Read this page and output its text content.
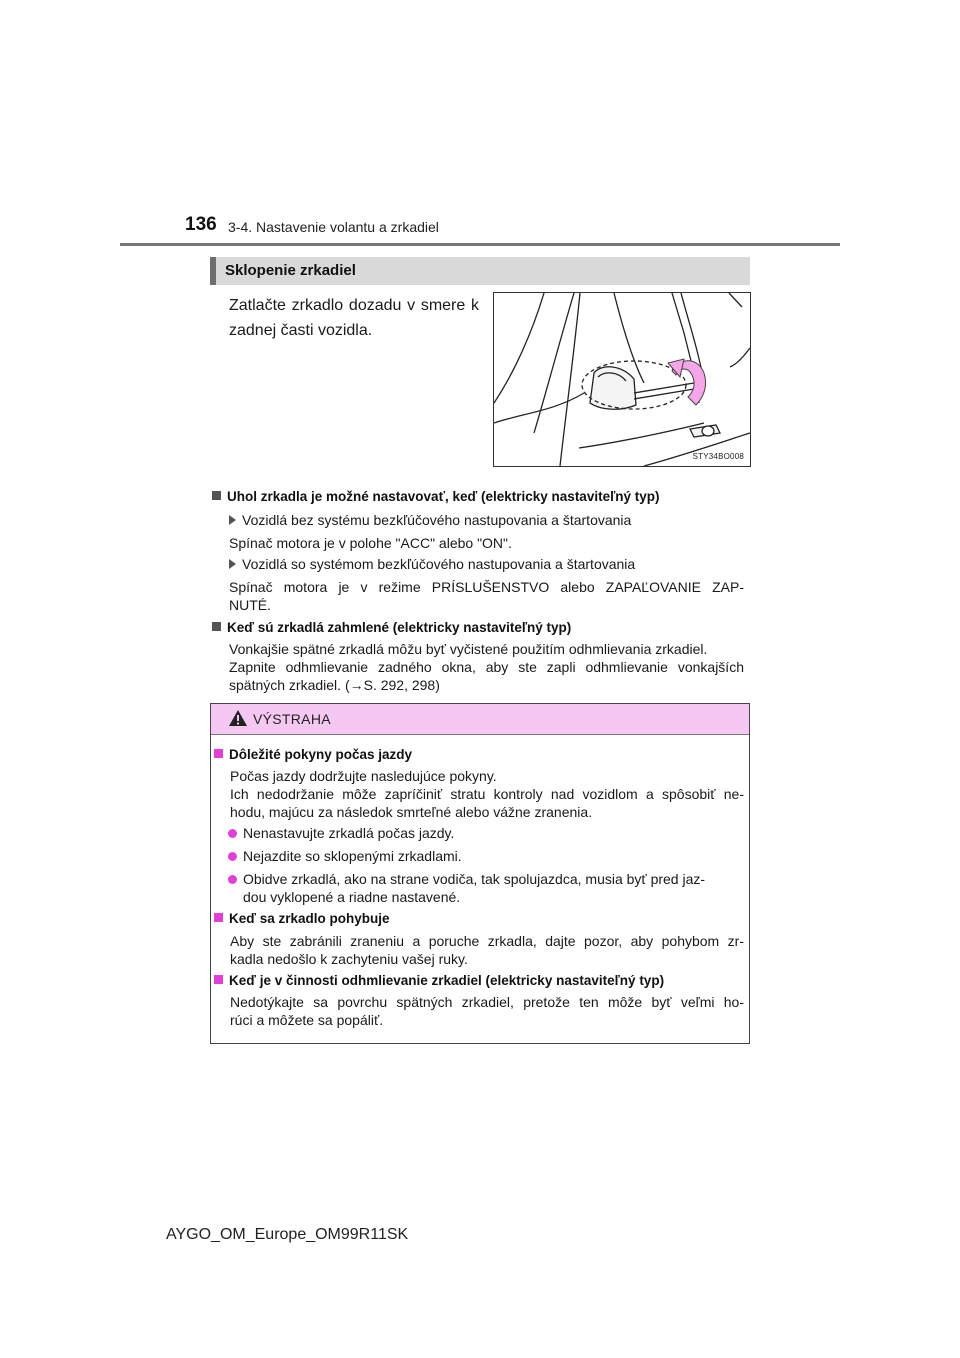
136 3-4. Nastavenie volantu a zrkadiel
Sklopenie zrkadiel
Zatlačte zrkadlo dozadu v smere k zadnej časti vozidla.
STY34BO008
Uhol zrkadla je možné nastavovať, keď (elektricky nastaviteľný typ)
Vozidlá bez systému bezkľúčového nastupovania a štartovania
Spínač motora je v polohe "ACC" alebo "ON".
Vozidlá so systémom bezkľúčového nastupovania a štartovania
Spínač motora je v režime PRÍSLUŠENSTVO alebo ZAPAĽOVANIE ZAP-
NUTÉ.
Keď sú zrkadlá zahmlené (elektricky nastaviteľný typ)
Vonkajšie spätné zrkadlá môžu byť vyčistené použitím odhmlievania zrkadiel.
Zapnite odhmlievanie zadného okna, aby ste zapli odhmlievanie vonkajších
spätných zrkadiel. (→S. 292, 298)
VÝSTRAHA
Dôležité pokyny počas jazdy
Počas jazdy dodržujte nasledujúce pokyny.
Ich nedodržanie môže zapríčiniť stratu kontroly nad vozidlom a spôsobiť ne-
hodu, majúcu za následok smrteľné alebo vážne zranenia.
Nenastavujte zrkadlá počas jazdy.
Nejazdite so sklopenými zrkadlami.
Obidve zrkadlá, ako na strane vodiča, tak spolujazdca, musia byť pred jaz-
dou vyklopené a riadne nastavené.
Keď sa zrkadlo pohybuje
Aby ste zabránili zraneniu a poruche zrkadla, dajte pozor, aby pohybom zr-
kadla nedošlo k zachyteniu vašej ruky.
Keď je v činnosti odhmlievanie zrkadiel (elektricky nastaviteľný typ)
Nedotýkajte sa povrchu spätných zrkadiel, pretože ten môže byť veľmi ho-
rúci a môžete sa popáliť.
AYGO_OM_Europe_OM99R11SK
